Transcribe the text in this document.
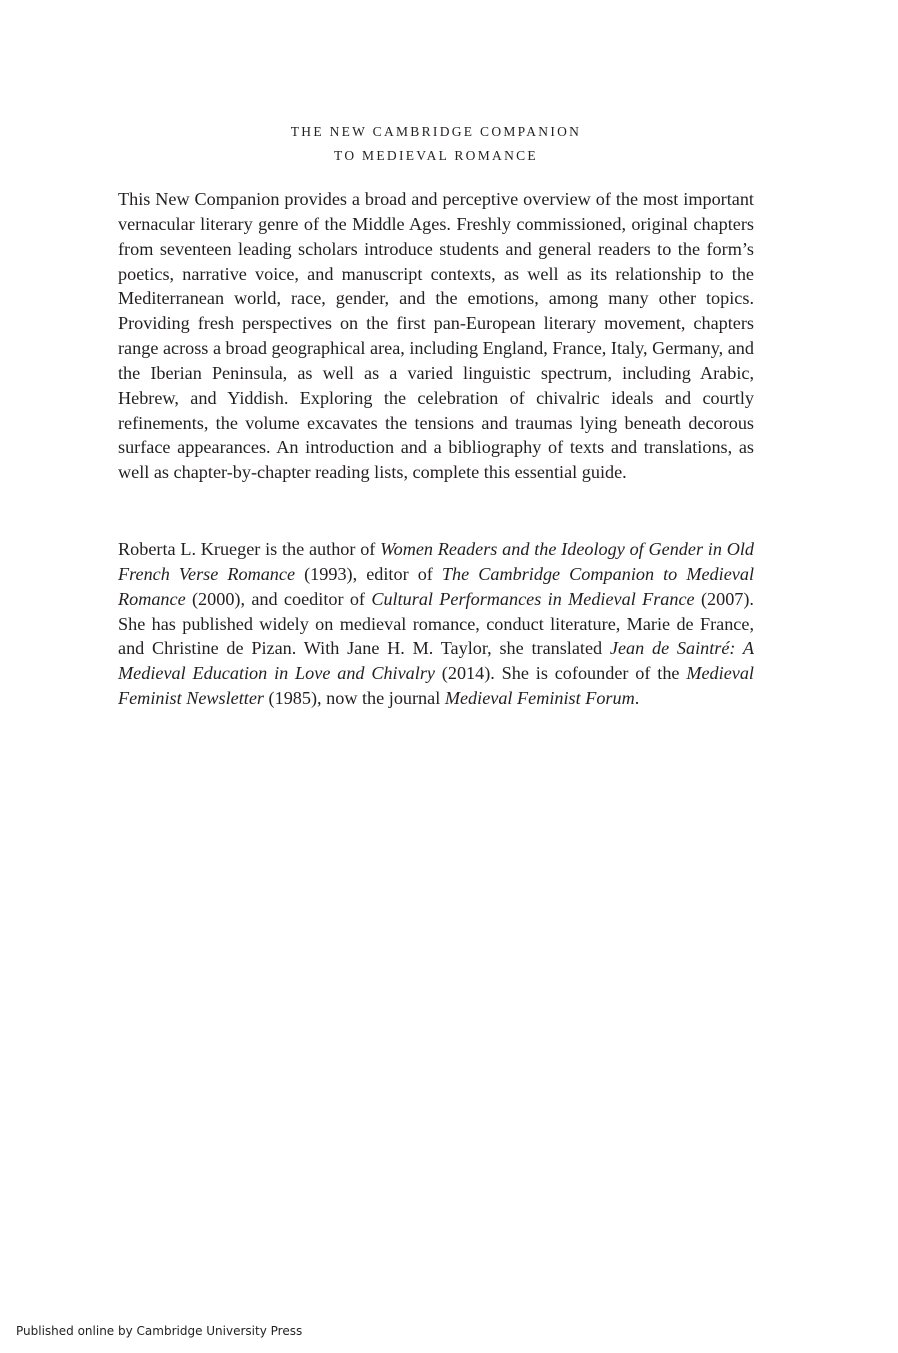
THE NEW CAMBRIDGE COMPANION
TO MEDIEVAL ROMANCE

This New Companion provides a broad and perceptive overview of the most important vernacular literary genre of the Middle Ages. Freshly commissioned, original chapters from seventeen leading scholars introduce students and general readers to the form’s poetics, narrative voice, and manuscript contexts, as well as its relationship to the Mediterranean world, race, gender, and the emotions, among many other topics. Providing fresh perspectives on the first pan-European literary movement, chapters range across a broad geographical area, including England, France, Italy, Germany, and the Iberian Peninsula, as well as a varied linguistic spectrum, including Arabic, Hebrew, and Yiddish. Exploring the celebration of chivalric ideals and courtly refinements, the volume excavates the tensions and traumas lying beneath decorous surface appearances. An introduction and a bibliography of texts and translations, as well as chapter-by-chapter reading lists, complete this essential guide.

Roberta L. Krueger is the author of Women Readers and the Ideology of Gender in Old French Verse Romance (1993), editor of The Cambridge Companion to Medieval Romance (2000), and coeditor of Cultural Performances in Medieval France (2007). She has published widely on medieval romance, conduct literature, Marie de France, and Christine de Pizan. With Jane H. M. Taylor, she translated Jean de Saintré: A Medieval Education in Love and Chivalry (2014). She is cofounder of the Medieval Feminist Newsletter (1985), now the journal Medieval Feminist Forum.

Published online by Cambridge University Press
